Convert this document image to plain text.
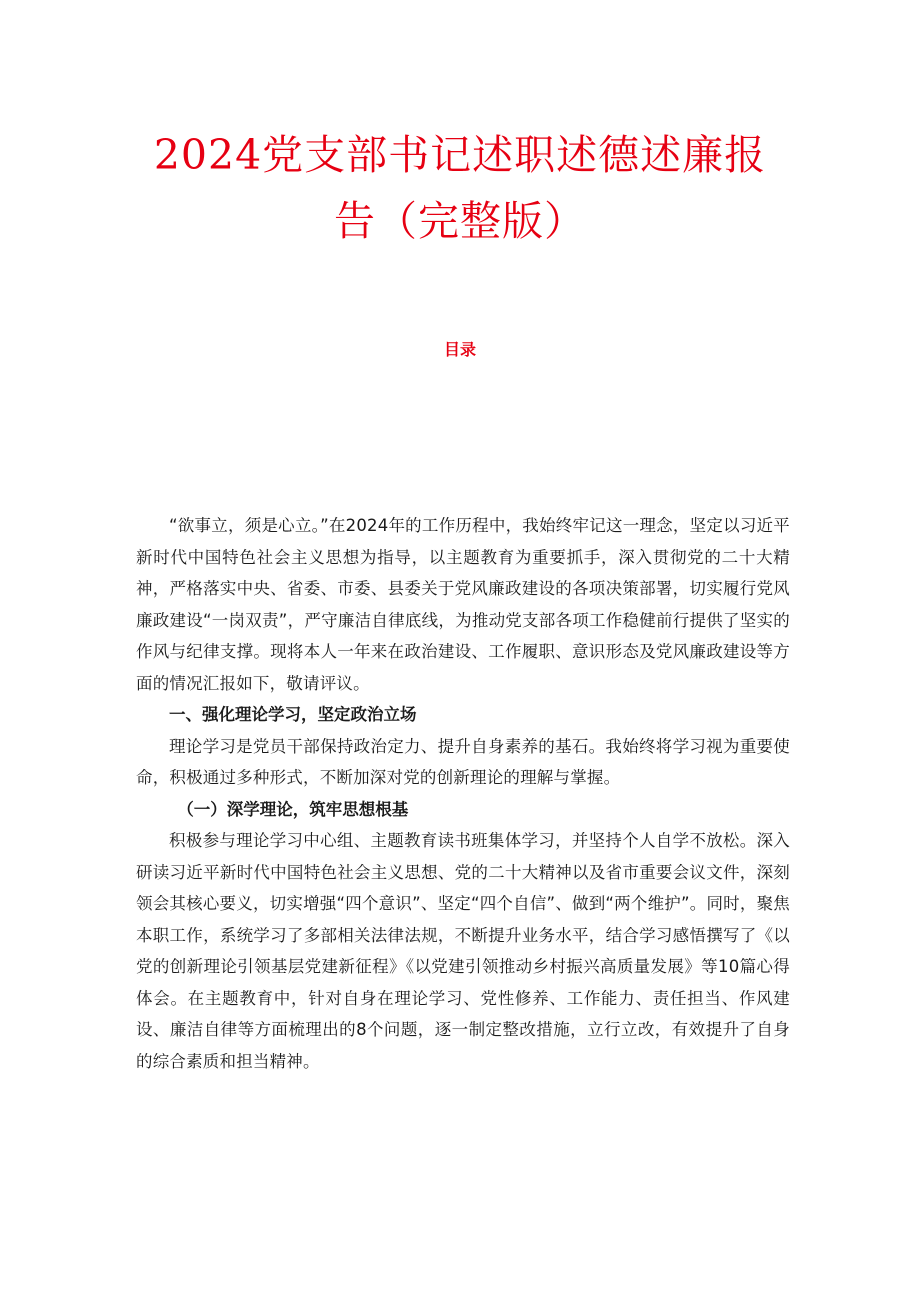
2024党支部书记述职述德述廉报告（完整版）
目录

“欲事立，须是心立。”在2024年的工作历程中，我始终牢记这一理念，坚定以习近平新时代中国特色社会主义思想为指导，以主题教育为重要抓手，深入贯彻党的二十大精神，严格落实中央、省委、市委、县委关于党风廉政建设的各项决策部署，切实履行党风廉政建设“一岗双责”，严守廉洁自律底线，为推动党支部各项工作稳健前行提供了坚实的作风与纪律支撑。现将本人一年来在政治建设、工作履职、意识形态及党风廉政建设等方面的情况汇报如下，敬请评议。

一、强化理论学习，坚定政治立场

理论学习是党员干部保持政治定力、提升自身素养的基石。我始终将学习视为重要使命，积极通过多种形式，不断加深对党的创新理论的理解与掌握。

（一）深学理论，筑牢思想根基

积极参与理论学习中心组、主题教育读书班集体学习，并坚持个人自学不放松。深入研读习近平新时代中国特色社会主义思想、党的二十大精神以及省市重要会议文件，深刻领会其核心要义，切实增强“四个意识”、坚定“四个自信”、做到“两个维护”。同时，聚焦本职工作，系统学习了多部相关法律法规，不断提升业务水平，结合学习感悟撰写了《以党的创新理论引领基层党建新征程》《以党建引领推动乡村振兴高质量发展》等10篇心得体会。在主题教育中，针对自身在理论学习、党性修养、工作能力、责任担当、作风建设、廉洁自律等方面梳理出的8个问题，逐一制定整改措施，立行立改，有效提升了自身的综合素质和担当精神。
